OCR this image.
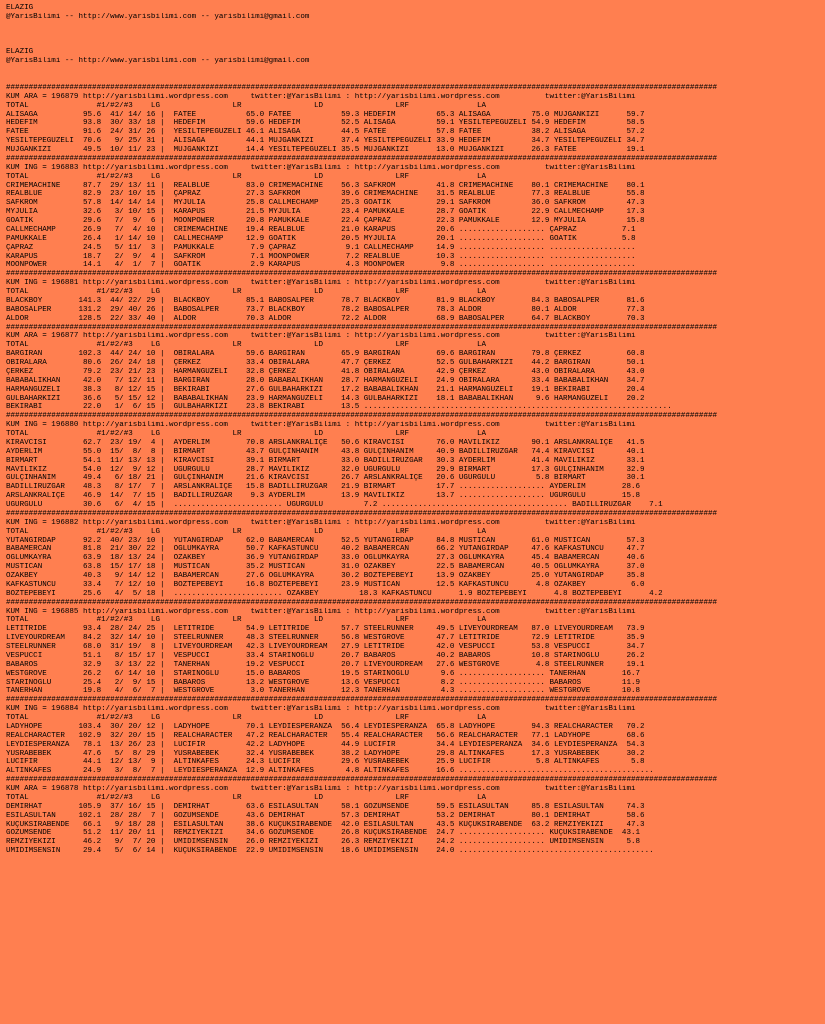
ELAZIG
@YarisBilimi -- http://www.yarisbilimi.com -- yarisbilimi@gmail.com
ELAZIG
@YarisBilimi -- http://www.yarisbilimi.com -- yarisbilimi@gmail.com
#############################################################################################################################################################
KUM ARA = 196879 http://yarisbilimi.wordpress.com     twitter:@YarisBilimi : http://yarisbilimi.wordpress.com          twitter:@YarisBilimi
TOTAL               #1/#2/#3    LG                LR                LD                LRF               LA
ALISAGA          95.6  41/ 14/ 16 |  FATEE           65.0 FATEE           59.3 HEDEFIM         65.3 ALISAGA         75.0 MÜJGANKIZI      59.7
HEDEFIM          93.8  30/ 33/ 18 |  HEDEFIM         59.6 HEDEFIM         52.5 ALISAGA         59.1 YESILTEPEGÜZELI 54.9 HEDEFIM         58.5
FATEE            91.6  24/ 31/ 26 |  YESILTEPEGÜZELI 46.1 ALISAGA         44.5 FATEE           57.8 FATEE           38.2 ALISAGA         57.2
YESILTEPEGÜZELI  70.6   9/ 25/ 31 |  ALISAGA         44.1 MÜJGANKIZI      37.4 YESILTEPEGÜZELI 33.9 HEDEFIM         34.7 YESILTEPEGÜZELI 34.7
MÜJGANKIZI       49.5  10/ 11/ 23 |  MÜJGANKIZI      14.4 YESILTEPEGÜZELI 35.5 MÜJGANKIZI      13.0 MÜJGANKIZI      26.3 FATEE           19.1
#############################################################################################################################################################
KUM ING = 196883 http://yarisbilimi.wordpress.com     twitter:@YarisBilimi : http://yarisbilimi.wordpress.com          twitter:@YarisBilimi
TOTAL               #1/#2/#3    LG                LR                LD                LRF               LA
CRIMEMACHINE     87.7  29/ 13/ 11 |  REALBLUE        83.0 CRIMEMACHINE    56.3 SAFKROM         41.8 CRIMEMACHINE    80.1 CRIMEMACHINE    80.1
REALBLUE         82.9  23/ 10/ 15 |  ÇAPRAZ          27.3 SAFKROM         39.6 CRIMEMACHINE    31.5 REALBLUE        77.3 REALBLUE        55.8
SAFKROM          57.8  14/ 14/ 14 |  MYJULIA         25.8 CALLMECHAMP     25.3 GOATIK          29.1 SAFKROM         36.0 SAFKROM         47.3
MYJULIA          32.6   3/ 10/ 15 |  KARAPUS         21.5 MYJULIA         23.4 PAMUKKALE       28.7 GOATIK          22.9 CALLMECHAMP     17.3
GOATIK           29.6   7/  9/  6 |  MOONPOWER       20.8 PAMUKKALE       22.4 ÇAPRAZ          22.3 PAMUKKALE       12.9 MYJULIA         15.8
CALLMECHAMP      26.9   7/  4/ 10 |  CRIMEMACHINE    19.4 REALBLUE        21.0 KARAPUS         20.6 ................... ÇAPRAZ          7.1
PAMUKKALE        26.4   1/ 14/ 10 |  CALLMECHAMP     12.9 GOATIK          20.5 MYJULIA         20.1 ................... GOATIK          5.8
ÇAPRAZ           24.5   5/ 11/  3 |  PAMUKKALE        7.9 ÇAPRAZ           9.1 CALLMECHAMP     14.9 ................... ...................
KARAPUS          18.7   2/  9/  4 |  SAFKROM          7.1 MOONPOWER        7.2 REALBLUE        10.3 ................... ...................
MOONPOWER        14.1   4/  1/  7 |  GOATIK           2.9 KARAPUS          4.3 MOONPOWER        9.8 ................... ...................
#############################################################################################################################################################
KUM ING = 196881 http://yarisbilimi.wordpress.com     twitter:@YarisBilimi : http://yarisbilimi.wordpress.com          twitter:@YarisBilimi
TOTAL               #1/#2/#3    LG                LR                LD                LRF               LA
BLACKBOY        141.3  44/ 22/ 29 |  BLACKBOY        85.1 BABOSALPER      78.7 BLACKBOY        81.9 BLACKBOY        84.3 BABOSALPER      81.6
BABOSALPER      131.2  29/ 40/ 26 |  BABOSALPER      73.7 BLACKBOY        78.2 BABOSALPER      78.3 ALDOR           80.1 ALDOR           77.3
ALDOR           128.5  22/ 33/ 40 |  ALDOR           70.3 ALDOR           72.2 ALDOR           68.9 BABOSALPER      64.7 BLACKBOY        70.3
#############################################################################################################################################################
KUM ARA = 196877 http://yarisbilimi.wordpress.com     twitter:@YarisBilimi : http://yarisbilimi.wordpress.com          twitter:@YarisBilimi
TOTAL               #1/#2/#3    LG                LR                LD                LRF               LA
BARGIRAN        102.3  44/ 24/ 10 |  OBIRALARA       59.6 BARGIRAN        65.9 BARGIRAN        69.6 BARGIRAN        79.8 ÇERKEZ          60.8
OBIRALARA        80.6  26/ 24/ 18 |  ÇERKEZ          33.4 OBIRALARA       47.7 ÇERKEZ          52.5 GÜLBAHARKIZI    44.2 BARGIRAN        50.1
ÇERKEZ           79.2  23/ 21/ 23 |  HARMANGÜZELI    32.8 ÇERKEZ          41.8 OBIRALARA       42.9 ÇERKEZ          43.0 OBIRALARA       43.0
BABABALIKHAN     42.0   7/ 12/ 11 |  BARGIRAN        28.0 BABABALIKHAN    28.7 HARMANGÜZELI    24.9 OBIRALARA       33.4 BABABALIKHAN    34.7
HARMANGÜZELI     38.3   8/ 12/ 15 |  BEKIRABI        27.6 GÜLBAHARKIZI    17.2 BABABALIKHAN    21.1 HARMANGÜZELI    19.1 BEKIRABI        20.4
GÜLBAHARKIZI     36.6   5/ 15/ 12 |  BABABALIKHAN    23.9 HARMANGÜZELI    14.3 GÜLBAHARKIZI    18.1 BABABALIKHAN     9.6 HARMANGÜZELI    20.2
BEKIRABI         22.0   1/  6/ 15 |  GÜLBAHARKIZI    23.8 BEKIRABI        13.5 ....................................................................
#############################################################################################################################################################
KUM ING = 196880 http://yarisbilimi.wordpress.com     twitter:@YarisBilimi : http://yarisbilimi.wordpress.com          twitter:@YarisBilimi
TOTAL               #1/#2/#3    LG                LR                LD                LRF               LA
KIRAVCISI        62.7  23/ 19/  4 |  AYDERLIM        70.8 ARSLANKRALIÇE   50.6 KIRAVCISI       76.0 MAVILIKIZ       90.1 ARSLANKRALIÇE   41.5
AYDERLIM         55.0  15/  8/  8 |  BIRMART         43.7 GÜLÇINHANIM     43.8 GÜLÇINHANIM     40.9 BADILLIRÜZGAR   74.4 KIRAVCISI       40.1
BIRMART          54.1  11/ 13/ 13 |  KIRAVCISI       39.1 BIRMART         33.0 BADILLIRÜZGAR   30.3 AYDERLIM        41.4 MAVILIKIZ       33.1
MAVILIKIZ        54.0  12/  9/ 12 |  UGURGÜLÜ        28.7 MAVILIKIZ       32.0 UGURGÜLÜ        29.9 BIRMART         17.3 GÜLÇINHANIM     32.9
GÜLÇINHANIM      49.4   6/ 18/ 21 |  GÜLÇINHANIM     21.6 KIRAVCISI       26.7 ARSLANKRALIÇE   20.6 UGURGÜLÜ         5.8 BIRMART         30.1
BADILLIRÜZGAR    48.3   8/ 17/  7 |  ARSLANKRALIÇE   15.8 BADILLIRÜZGAR   21.9 BIRMART         17.7 ................... AYDERLIM        28.6
ARSLANKRALIÇE    46.9  14/  7/ 15 |  BADILLIRÜZGAR    9.3 AYDERLIM        13.9 MAVILIKIZ       13.7 ................... UGURGÜLÜ        15.8
UGURGÜLÜ         30.6   6/  4/ 15 |  ........................ UGURGÜLÜ         7.2 ......................................... BADILLIRÜZGAR    7.1
#############################################################################################################################################################
KUM ING = 196882 http://yarisbilimi.wordpress.com     twitter:@YarisBilimi : http://yarisbilimi.wordpress.com          twitter:@YarisBilimi
TOTAL               #1/#2/#3    LG                LR                LD                LRF               LA
YUTANGIRDAP      92.2  40/ 23/ 10 |  YUTANGIRDAP     62.0 BABAMERCAN      52.5 YUTANGIRDAP     84.8 MUSTICAN        61.0 MUSTICAN        57.3
BABAMERCAN       81.8  21/ 30/ 22 |  OGLUMKAYRA      50.7 KAFKASTUNCU     40.2 BABAMERCAN      66.2 YUTANGIRDAP     47.6 KAFKASTUNCU     47.7
OGLUMKAYRA       63.9  18/ 13/ 24 |  ÖZAKBEY         36.9 YUTANGIRDAP     33.0 OGLUMKAYRA      27.3 OGLUMKAYRA      45.4 BABAMERCAN      40.6
MUSTICAN         63.8  15/ 17/ 18 |  MUSTICAN        35.2 MUSTICAN        31.0 ÖZAKBEY         22.5 BABAMERCAN      40.5 OGLUMKAYRA      37.0
ÖZAKBEY          40.3   9/ 14/ 12 |  BABAMERCAN      27.6 OGLUMKAYRA      30.2 BOZTEPEBEYI     13.9 ÖZAKBEY         25.0 YUTANGIRDAP     35.8
KAFKASTUNCU      33.4   7/ 12/ 10 |  BOZTEPEBEYI     16.8 BOZTEPEBEYI     23.9 MUSTICAN        12.5 KAFKASTUNCU      4.8 ÖZAKBEY          6.0
BOZTEPEBEYI      25.6   4/  5/ 18 |  ........................ ÖZAKBEY         18.3 KAFKASTUNCU      1.9 BOZTEPEBEYI      4.8 BOZTEPEBEYI      4.2
#############################################################################################################################################################
KUM ING = 196885 http://yarisbilimi.wordpress.com     twitter:@YarisBilimi : http://yarisbilimi.wordpress.com          twitter:@YarisBilimi
TOTAL               #1/#2/#3    LG                LR                LD                LRF               LA
LETITRIDE        93.4  28/ 24/ 25 |  LETITRIDE       54.9 LETITRIDE       57.7 STEELRUNNER     49.5 LIVEYOURDREAM   87.0 LIVEYOURDREAM   73.9
LIVEYOURDREAM    84.2  32/ 14/ 10 |  STEELRUNNER     48.3 STEELRUNNER     56.8 WESTGROVE       47.7 LETITRIDE       72.9 LETITRIDE       35.9
STEELRUNNER      68.0  31/ 19/  8 |  LIVEYOURDREAM   42.3 LIVEYOURDREAM   27.9 LETITRIDE       42.0 VESPUCCI        53.8 VESPUCCI        34.7
VESPUCCI         51.1   8/ 15/ 17 |  VESPUCCI        33.4 STARINOGLU      20.7 BABAROS         40.2 BABAROS         10.8 STARINOGLU      26.2
BABAROS          32.9   3/ 13/ 22 |  TANERHAN        19.2 VESPUCCI        20.7 LIVEYOURDREAM   27.6 WESTGROVE        4.8 STEELRUNNER     19.1
WESTGROVE        26.2   6/ 14/ 10 |  STARINOGLU      15.0 BABAROS         19.5 STARINOGLU       9.6 ................... TANERHAN        16.7
STARINOGLU       25.4   2/  9/ 15 |  BABAROS         13.2 WESTGROVE       13.6 VESPUCCI         8.2 ................... BABAROS         11.9
TANERHAN         19.8   4/  6/  7 |  WESTGROVE        3.0 TANERHAN        12.3 TANERHAN         4.3 ................... WESTGROVE       10.8
#############################################################################################################################################################
KUM ING = 196884 http://yarisbilimi.wordpress.com     twitter:@YarisBilimi : http://yarisbilimi.wordpress.com          twitter:@YarisBilimi
TOTAL               #1/#2/#3    LG                LR                LD                LRF               LA
LADYHOPE        103.4  30/ 20/ 12 |  LADYHOPE        70.1 LEYDIESPERANZA  56.4 LEYDIESPERANZA  65.8 LADYHOPE        94.3 REALCHARACTER   70.2
REALCHARACTER   102.9  32/ 20/ 15 |  REALCHARACTER   47.2 REALCHARACTER   55.4 REALCHARACTER   56.6 REALCHARACTER   77.1 LADYHOPE        68.6
LEYDIESPERANZA   78.1  13/ 26/ 23 |  LUCIFIR         42.2 LADYHOPE        44.9 LUCIFIR         34.4 LEYDIESPERANZA  34.6 LEYDIESPERANZA  54.3
YÜSRABEBEK       47.6   5/  8/ 29 |  YÜSRABEBEK      32.4 YÜSRABEBEK      38.2 LADYHOPE        29.8 ALTINKAFES      17.3 YÜSRABEBEK      30.2
LUCIFIR          44.1  12/ 13/  9 |  ALTINKAFES      24.3 LUCIFIR         29.6 YÜSRABEBEK      25.9 LUCIFIR          5.8 ALTINKAFES       5.8
ALTINKAFES       24.9   3/  8/  7 |  LEYDIESPERANZA  12.9 ALTINKAFES       4.8 ALTINKAFES      16.6 ...........................................
#############################################################################################################################################################
KUM ARA = 196878 http://yarisbilimi.wordpress.com     twitter:@YarisBilimi : http://yarisbilimi.wordpress.com          twitter:@YarisBilimi
TOTAL               #1/#2/#3    LG                LR                LD                LRF               LA
DEMIRHAT        105.9  37/ 16/ 15 |  DEMIRHAT        63.6 ESILASULTAN     58.1 GÖZÜMSENDE      59.5 ESILASULTAN     85.8 ESILASULTAN     74.3
ESILASULTAN     102.1  28/ 28/  7 |  GÖZÜMSENDE      43.6 DEMIRHAT        57.3 DEMIRHAT        53.2 DEMIRHAT        80.1 DEMIRHAT        58.6
KÜÇÜKSIRABENDE   66.1   9/ 18/ 28 |  ESILASULTAN     38.6 KÜÇÜKSIRABENDE  42.0 ESILASULTAN     43.5 KÜÇÜKSIRABENDE  63.2 REMZIYEKIZI     47.3
GÖZÜMSENDE       51.2  11/ 20/ 11 |  REMZIYEKIZI     34.6 GÖZÜMSENDE      26.8 KÜÇÜKSIRABENDE  24.7 ................... KÜÇÜKSIRABENDE  43.1
REMZIYEKIZI      46.2   9/  7/ 20 |  ÜMIDIMSENSIN    26.0 REMZIYEKIZI     26.3 REMZIYEKIZI     24.2 ................... ÜMIDIMSENSIN     5.8
ÜMIDIMSENSIN     29.4   5/  6/ 14 |  KÜÇÜKSIRABENDE  22.9 ÜMIDIMSENSIN    18.6 ÜMIDIMSENSIN    24.0 ...........................................
